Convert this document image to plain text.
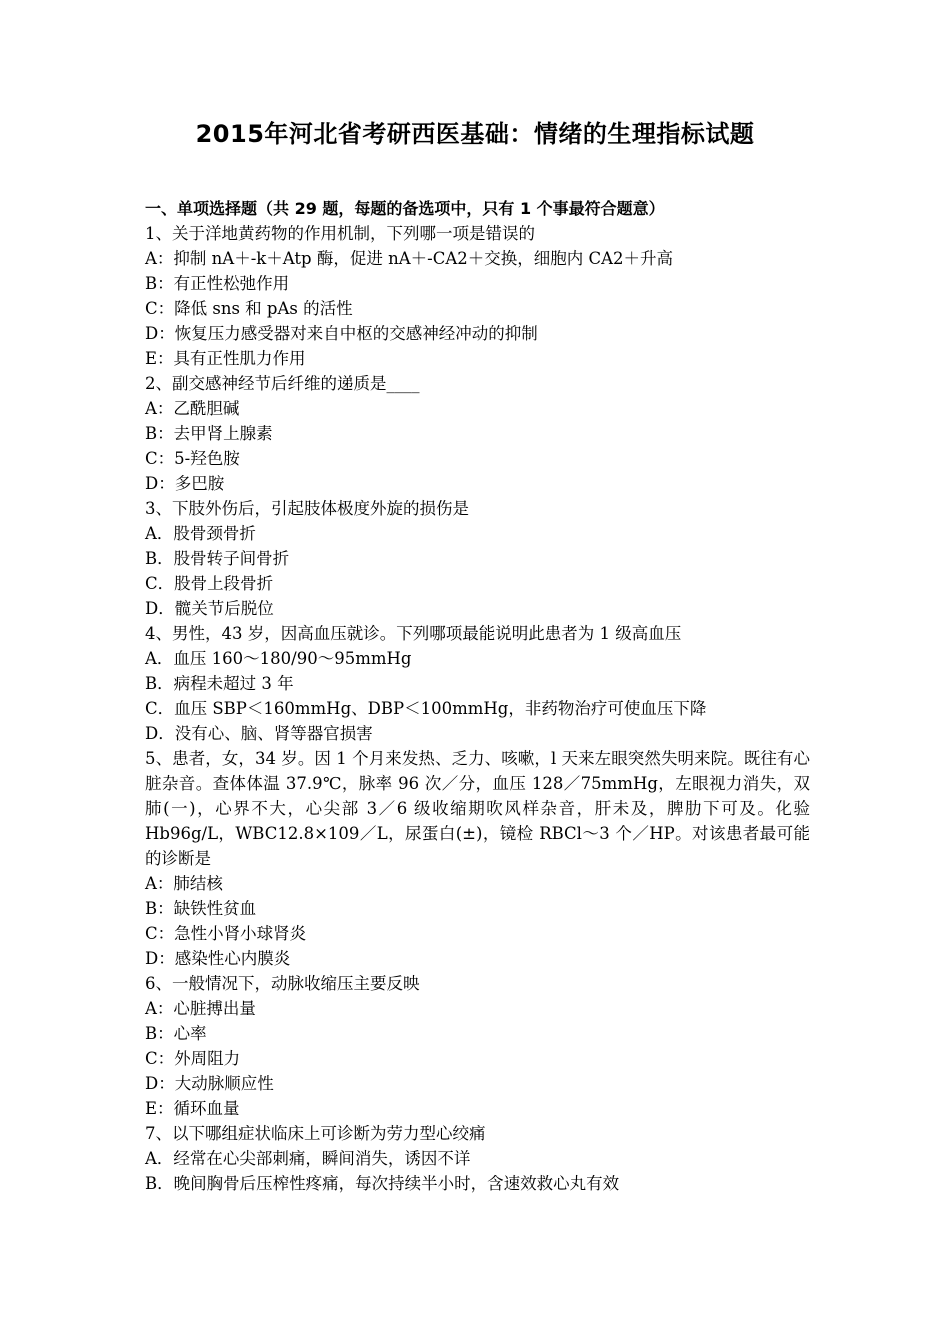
2015年河北省考研西医基础：情绪的生理指标试题
一、单项选择题（共 29 题，每题的备选项中，只有 1 个事最符合题意）
1、关于洋地黄药物的作用机制，下列哪一项是错误的
A：抑制 nA＋-k＋Atp 酶，促进 nA＋-CA2＋交换，细胞内 CA2＋升高
B：有正性松弛作用
C：降低 sns 和 pAs 的活性
D：恢复压力感受器对来自中枢的交感神经冲动的抑制
E：具有正性肌力作用
2、副交感神经节后纤维的递质是____
A：乙酰胆碱
B：去甲肾上腺素
C：5-羟色胺
D：多巴胺
3、下肢外伤后，引起肢体极度外旋的损伤是
A．股骨颈骨折
B．股骨转子间骨折
C．股骨上段骨折
D．髋关节后脱位
4、男性，43 岁，因高血压就诊。下列哪项最能说明此患者为 1 级高血压
A．血压 160～180/90～95mmHg
B．病程未超过 3 年
C．血压 SBP＜160mmHg、DBP＜100mmHg，非药物治疗可使血压下降
D．没有心、脑、肾等器官损害
5、患者，女，34 岁。因 1 个月来发热、乏力、咳嗽，l 天来左眼突然失明来院。既往有心脏杂音。查体体温 37.9℃，脉率 96 次／分，血压 128／75mmHg，左眼视力消失，双肺(一)，心界不大，心尖部 3／6 级收缩期吹风样杂音，肝未及，脾肋下可及。化验 Hb96g/L，WBC12.8×109／L，尿蛋白(±)，镜检 RBCl～3 个／HP。对该患者最可能的诊断是
A：肺结核
B：缺铁性贫血
C：急性小肾小球肾炎
D：感染性心内膜炎
6、一般情况下，动脉收缩压主要反映
A：心脏搏出量
B：心率
C：外周阻力
D：大动脉顺应性
E：循环血量
7、以下哪组症状临床上可诊断为劳力型心绞痛
A．经常在心尖部刺痛，瞬间消失，诱因不详
B．晚间胸骨后压榨性疼痛，每次持续半小时，含速效救心丸有效
